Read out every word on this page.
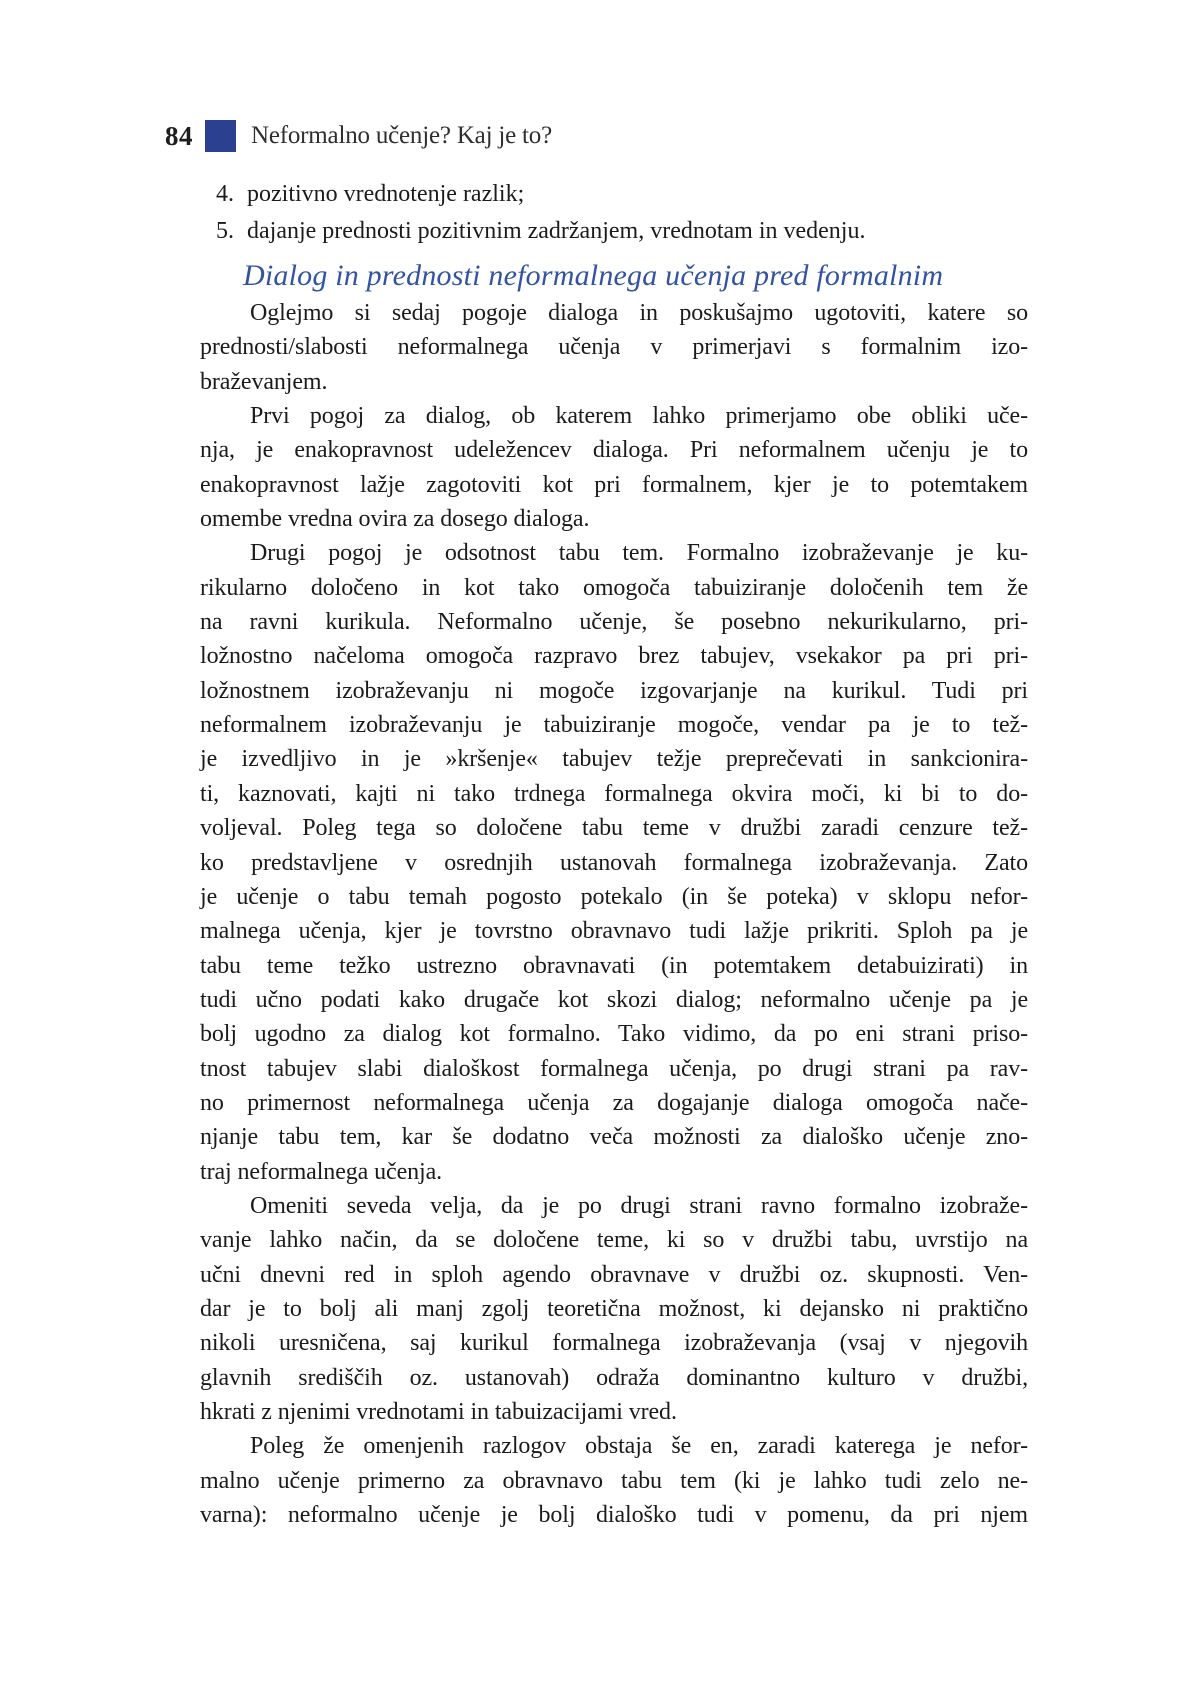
84 Neformalno učenje? Kaj je to?
4. pozitivno vrednotenje razlik;
5. dajanje prednosti pozitivnim zadržanjem, vrednotam in vedenju.
Dialog in prednosti neformalnega učenja pred formalnim
Oglejmo si sedaj pogoje dialoga in poskušajmo ugotoviti, katere so
prednosti/slabosti neformalnega učenja v primerjavi s formalnim izo-
braževanjem.
Prvi pogoj za dialog, ob katerem lahko primerjamo obe obliki uče-
nja, je enakopravnost udeležencev dialoga. Pri neformalnem učenju je to
enakopravnost lažje zagotoviti kot pri formalnem, kjer je to potemtakem
omembe vredna ovira za dosego dialoga.
Drugi pogoj je odsotnost tabu tem. Formalno izobraževanje je ku-
rikularno določeno in kot tako omogoča tabuiziranje določenih tem že
na ravni kurikula. Neformalno učenje, še posebno nekurikularno, pri-
ložnostno načeloma omogoča razpravo brez tabujev, vsekakor pa pri pri-
ložnostnem izobraževanju ni mogoče izgovarjanje na kurikul. Tudi pri
neformalnem izobraževanju je tabuiziranje mogoče, vendar pa je to tež-
je izvedljivo in je »kršenje« tabujev težje preprečevati in sankcionira-
ti, kaznovati, kajti ni tako trdnega formalnega okvira moči, ki bi to do-
voljeval. Poleg tega so določene tabu teme v družbi zaradi cenzure tež-
ko predstavljene v osrednjih ustanovah formalnega izobraževanja. Zato
je učenje o tabu temah pogosto potekalo (in še poteka) v sklopu nefor-
malnega učenja, kjer je tovrstno obravnavo tudi lažje prikriti. Sploh pa je
tabu teme težko ustrezno obravnavati (in potemtakem detabuizirati) in
tudi učno podati kako drugače kot skozi dialog; neformalno učenje pa je
bolj ugodno za dialog kot formalno. Tako vidimo, da po eni strani priso-
tnost tabujev slabi dialoškost formalnega učenja, po drugi strani pa rav-
no primernost neformalnega učenja za dogajanje dialoga omogoča nače-
njanje tabu tem, kar še dodatno veča možnosti za dialoško učenje zno-
traj neformalnega učenja.
Omeniti seveda velja, da je po drugi strani ravno formalno izobraže-
vanje lahko način, da se določene teme, ki so v družbi tabu, uvrstijo na
učni dnevni red in sploh agendo obravnave v družbi oz. skupnosti. Ven-
dar je to bolj ali manj zgolj teoretična možnost, ki dejansko ni praktično
nikoli uresničena, saj kurikul formalnega izobraževanja (vsaj v njegovih
glavnih središčih oz. ustanovah) odraža dominantno kulturo v družbi,
hkrati z njenimi vrednotami in tabuizacijami vred.
Poleg že omenjenih razlogov obstaja še en, zaradi katerega je nefor-
malno učenje primerno za obravnavo tabu tem (ki je lahko tudi zelo ne-
varna): neformalno učenje je bolj dialoško tudi v pomenu, da pri njem
